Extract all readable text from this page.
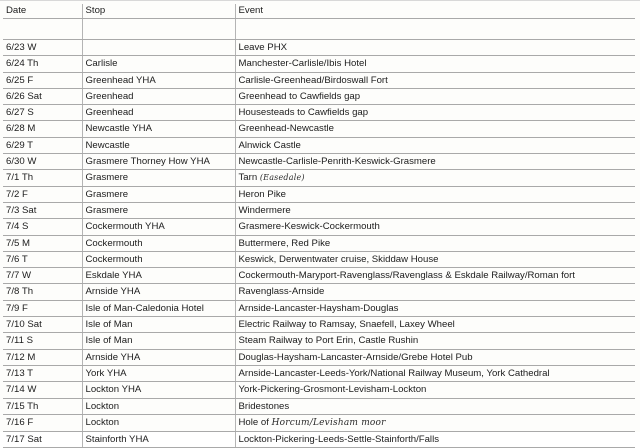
Date	Stop	Event

6/23 W		Leave PHX
6/24 Th	Carlisle	Manchester-Carlisle/Ibis Hotel
6/25 F	Greenhead YHA	Carlisle-Greenhead/Birdoswall Fort
6/26 Sat	Greenhead	Greenhead to Cawfields gap
6/27 S	Greenhead	Housesteads to Cawfields gap
6/28 M	Newcastle YHA	Greenhead-Newcastle
6/29 T	Newcastle	Alnwick Castle
6/30 W	Grasmere Thorney How YHA	Newcastle-Carlisle-Penrith-Keswick-Grasmere
7/1 Th	Grasmere	Tarn (Easedale)
7/2 F	Grasmere	Heron Pike
7/3 Sat	Grasmere	Windermere
7/4 S	Cockermouth YHA	Grasmere-Keswick-Cockermouth
7/5 M	Cockermouth	Buttermere, Red Pike
7/6 T	Cockermouth	Keswick, Derwentwater cruise, Skiddaw House
7/7 W	Eskdale YHA	Cockermouth-Maryport-Ravenglass/Ravenglass & Eskdale Railway/Roman fort
7/8 Th	Arnside YHA	Ravenglass-Arnside
7/9 F	Isle of Man-Caledonia Hotel	Arnside-Lancaster-Haysham-Douglas
7/10 Sat	Isle of Man	Electric Railway to Ramsay, Snaefell, Laxey Wheel
7/11 S	Isle of Man	Steam Railway to Port Erin, Castle Rushin
7/12 M	Arnside YHA	Douglas-Haysham-Lancaster-Arnside/Grebe Hotel Pub
7/13 T	York YHA	Arnside-Lancaster-Leeds-York/National Railway Museum, York Cathedral
7/14 W	Lockton YHA	York-Pickering-Grosmont-Levisham-Lockton
7/15 Th	Lockton	Bridestones
7/16 F	Lockton	Hole of Horcum/Levisham moor
7/17 Sat	Stainforth YHA	Lockton-Pickering-Leeds-Settle-Stainforth/Falls
